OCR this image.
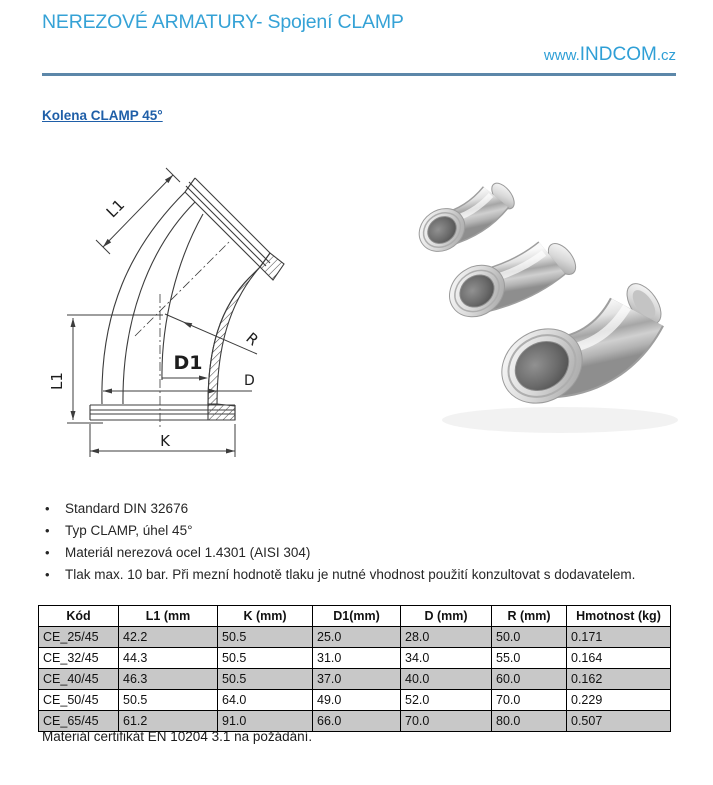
NEREZOVÉ ARMATURY- Spojení CLAMP
www.INDCOM.cz
Kolena CLAMP 45°
L1
L1
R
D1
D
K
•	Standard DIN 32676
•	Typ CLAMP, úhel 45°
•	Materiál nerezová ocel 1.4301 (AISI 304)
•	Tlak max. 10 bar. Při mezní hodnotě tlaku je nutné vhodnost použití konzultovat s dodavatelem.
Kód	L1 (mm	K (mm)	D1(mm)	D (mm)	R (mm)	Hmotnost (kg)
CE_25/45	42.2	50.5	25.0	28.0	50.0	0.171
CE_32/45	44.3	50.5	31.0	34.0	55.0	0.164
CE_40/45	46.3	50.5	37.0	40.0	60.0	0.162
CE_50/45	50.5	64.0	49.0	52.0	70.0	0.229
CE_65/45	61.2	91.0	66.0	70.0	80.0	0.507
Materiál certifikát EN 10204 3.1 na požádání.
